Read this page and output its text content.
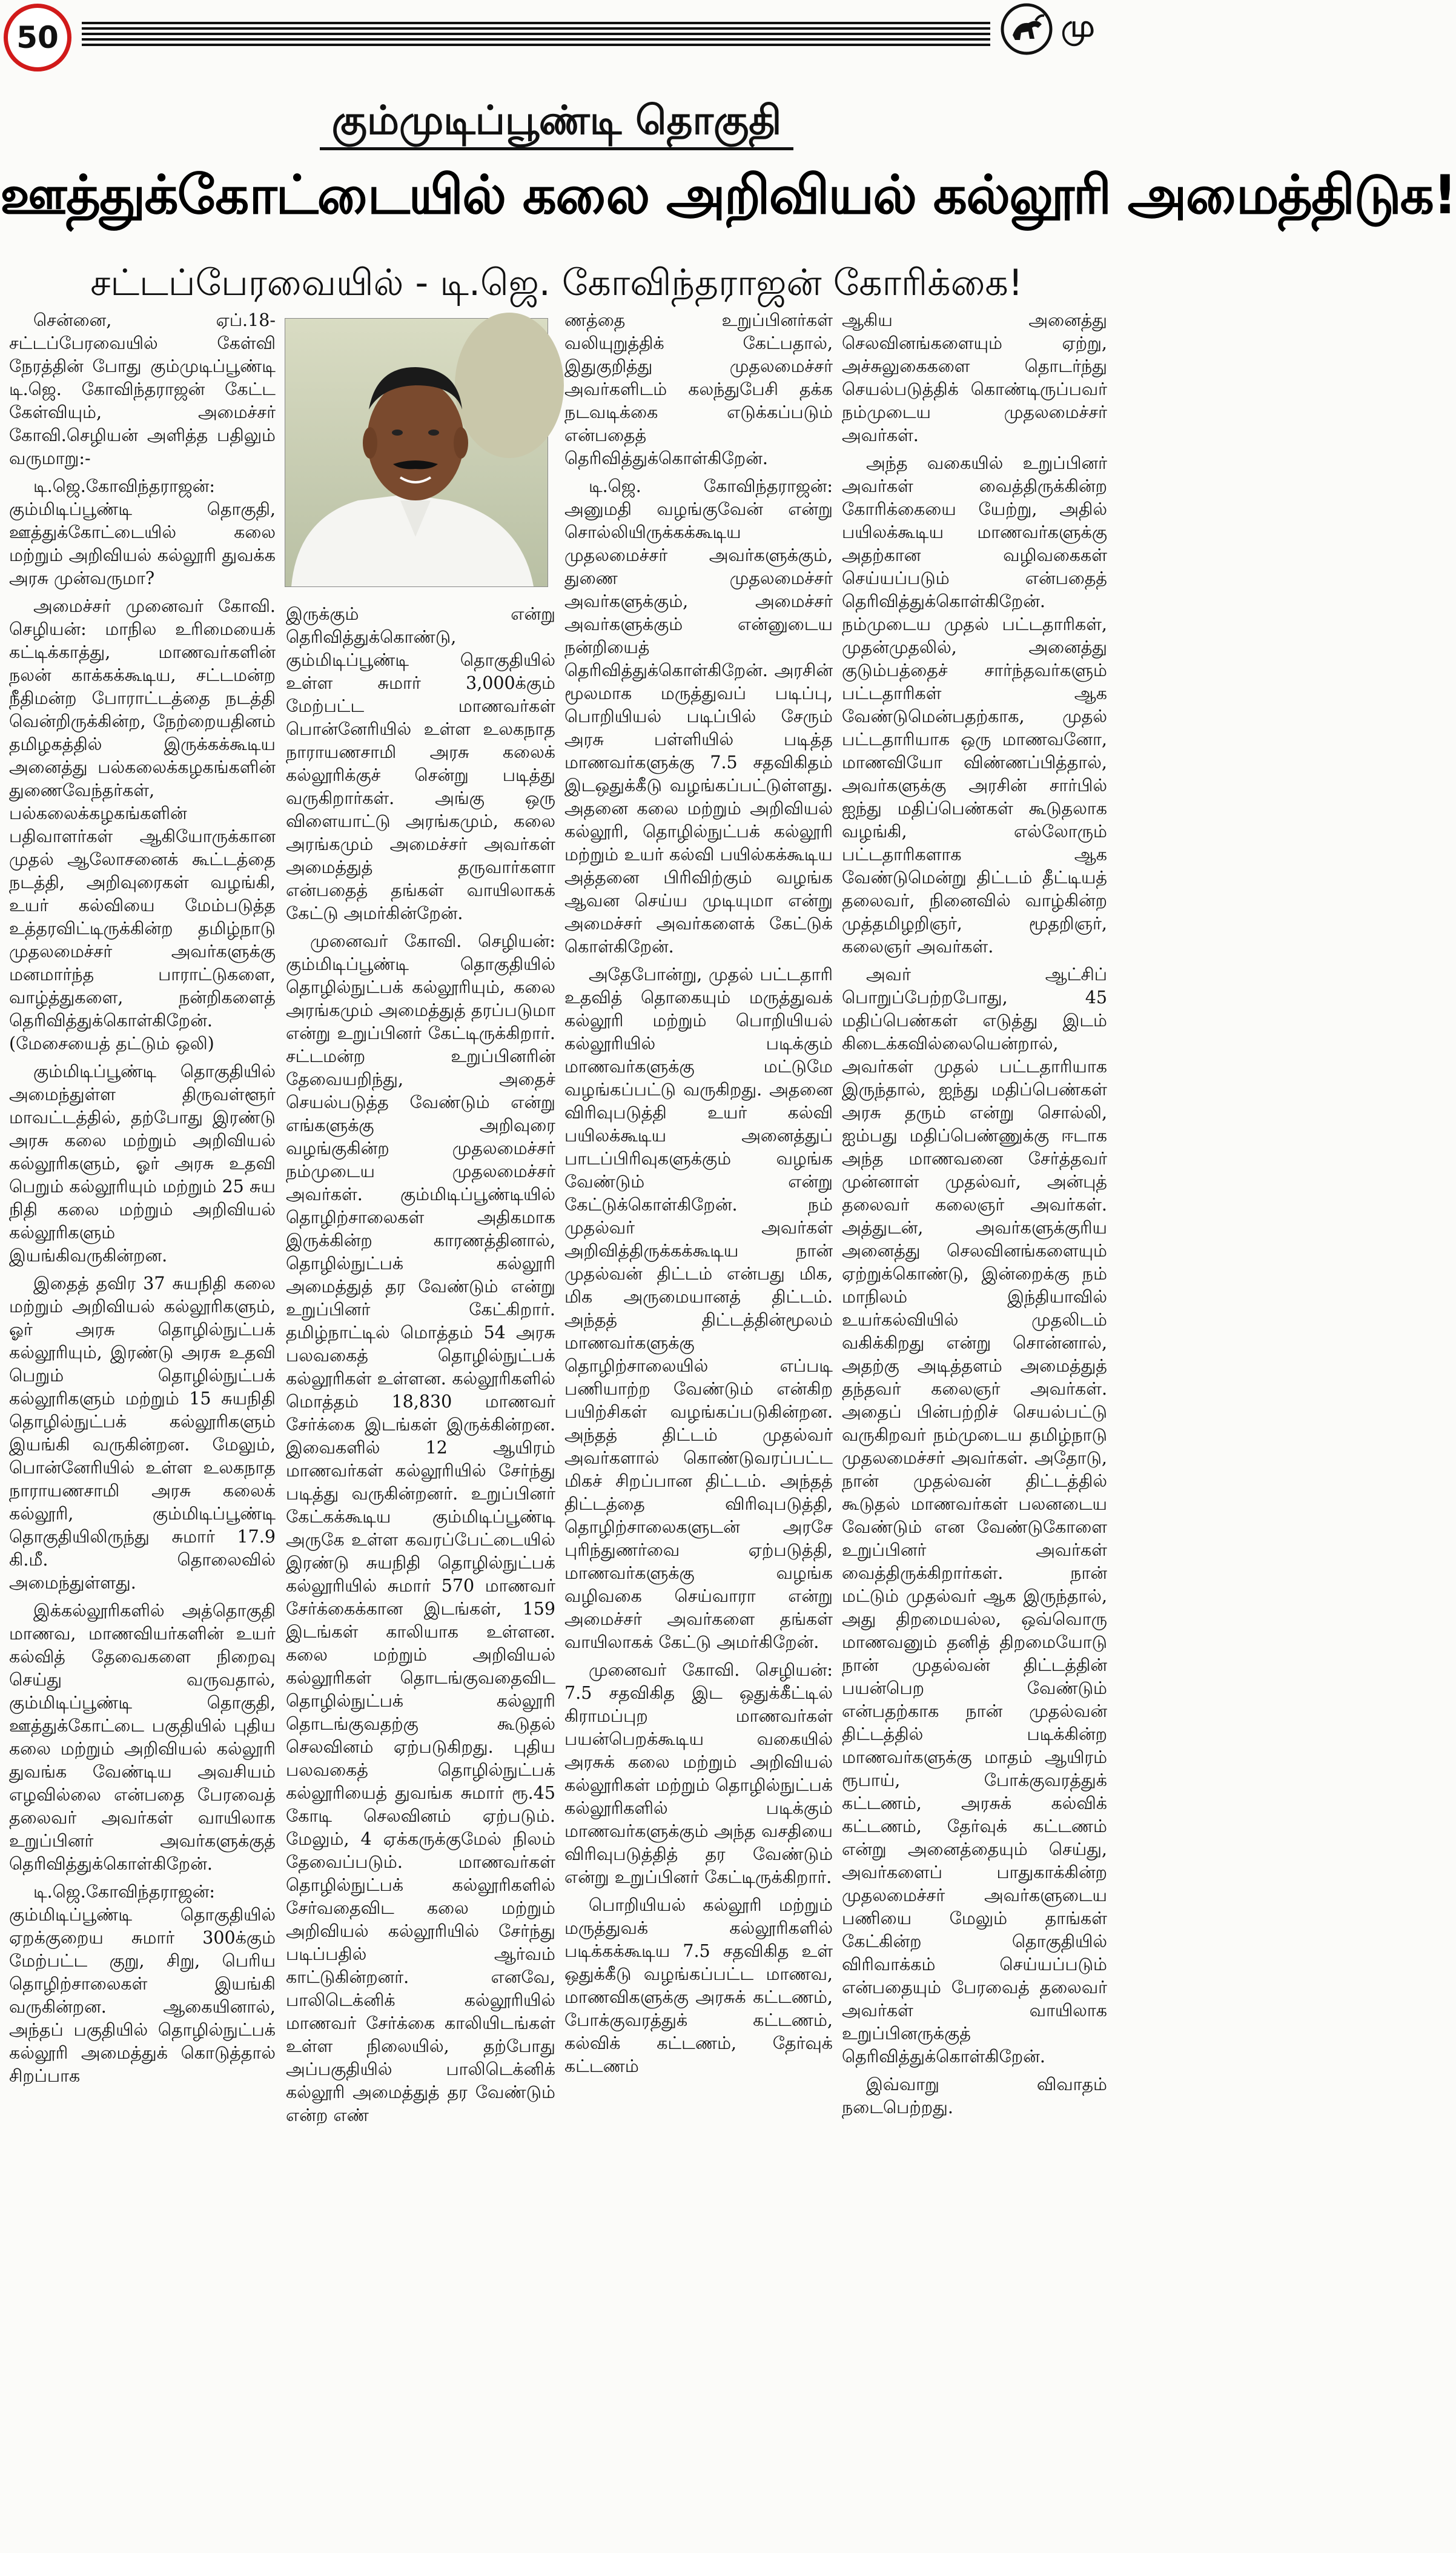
50	மு
கும்முடிப்பூண்டி தொகுதி
ஊத்துக்கோட்டையில் கலை அறிவியல் கல்லூரி அமைத்திடுக!
சட்டப்பேரவையில் - டி.ஜெ. கோவிந்தராஜன் கோரிக்கை!

சென்னை, ஏப்.18- சட்டப்பேரவையில் கேள்வி நேரத்தின் போது கும்முடிப்பூண்டி டி.ஜெ. கோவிந்தராஜன் கேட்ட கேள்வியும், அமைச்சர் கோவி.செழியன் அளித்த பதிலும் வருமாறு:-

டி.ஜெ.கோவிந்தராஜன்: கும்மிடிப்பூண்டி தொகுதி, ஊத்துக்கோட்டையில் கலை மற்றும் அறிவியல் கல்லூரி துவக்க அரசு முன்வருமா?

அமைச்சர் முனைவர் கோவி. செழியன்: மாநில உரிமையைக் கட்டிக்காத்து, மாணவர்களின் நலன் காக்கக்கூடிய, சட்டமன்ற நீதிமன்ற போராட்டத்தை நடத்தி வென்றிருக்கின்ற, நேற்றையதினம் தமிழகத்தில் இருக்கக்கூடிய அனைத்து பல்கலைக்கழகங்களின் துணைவேந்தர்கள், பல்கலைக்கழகங்களின் பதிவாளர்கள் ஆகியோருக்கான முதல் ஆலோசனைக் கூட்டத்தை நடத்தி, அறிவுரைகள் வழங்கி, உயர் கல்வியை மேம்படுத்த உத்தரவிட்டிருக்கின்ற தமிழ்நாடு முதலமைச்சர் அவர்களுக்கு மனமார்ந்த பாராட்டுகளை, வாழ்த்துகளை, நன்றிகளைத் தெரிவித்துக்கொள்கிறேன். (மேசையைத் தட்டும் ஒலி)

கும்மிடிப்பூண்டி தொகுதியில் அமைந்துள்ள திருவள்ளூர் மாவட்டத்தில், தற்போது இரண்டு அரசு கலை மற்றும் அறிவியல் கல்லூரிகளும், ஓர் அரசு உதவி பெறும் கல்லூரியும் மற்றும் 25 சுய நிதி கலை மற்றும் அறிவியல் கல்லூரிகளும் இயங்கிவருகின்றன.

இதைத் தவிர 37 சுயநிதி கலை மற்றும் அறிவியல் கல்லூரிகளும், ஓர் அரசு தொழில்நுட்பக் கல்லூரியும், இரண்டு அரசு உதவி பெறும் தொழில்நுட்பக் கல்லூரிகளும் மற்றும் 15 சுயநிதி தொழில்நுட்பக் கல்லூரிகளும் இயங்கி வருகின்றன. மேலும், பொன்னேரியில் உள்ள உலகநாத நாராயணசாமி அரசு கலைக் கல்லூரி, கும்மிடிப்பூண்டி தொகுதியிலிருந்து சுமார் 17.9 கி.மீ. தொலைவில் அமைந்துள்ளது.

இக்கல்லூரிகளில் அத்தொகுதி மாணவ, மாணவியர்களின் உயர் கல்வித் தேவைகளை நிறைவு செய்து வருவதால், கும்மிடிப்பூண்டி தொகுதி, ஊத்துக்கோட்டை பகுதியில் புதிய கலை மற்றும் அறிவியல் கல்லூரி துவங்க வேண்டிய அவசியம் எழவில்லை என்பதை பேரவைத் தலைவர் அவர்கள் வாயிலாக உறுப்பினர் அவர்களுக்குத் தெரிவித்துக்கொள்கிறேன்.

டி.ஜெ.கோவிந்தராஜன்: கும்மிடிப்பூண்டி தொகுதியில் ஏறக்குறைய சுமார் 300க்கும் மேற்பட்ட குறு, சிறு, பெரிய தொழிற்சாலைகள் இயங்கி வருகின்றன. ஆகையினால், அந்தப் பகுதியில் தொழில்நுட்பக் கல்லூரி அமைத்துக் கொடுத்தால் சிறப்பாக

இருக்கும் என்று தெரிவித்துக்கொண்டு, கும்மிடிப்பூண்டி தொகுதியில் உள்ள சுமார் 3,000க்கும் மேற்பட்ட மாணவர்கள் பொன்னேரியில் உள்ள உலகநாத நாராயணசாமி அரசு கலைக் கல்லூரிக்குச் சென்று படித்து வருகிறார்கள். அங்கு ஒரு விளையாட்டு அரங்கமும், கலை அரங்கமும் அமைச்சர் அவர்கள் அமைத்துத் தருவார்களா என்பதைத் தங்கள் வாயிலாகக் கேட்டு அமர்கின்றேன்.

முனைவர் கோவி. செழியன்: கும்மிடிப்பூண்டி தொகுதியில் தொழில்நுட்பக் கல்லூரியும், கலை அரங்கமும் அமைத்துத் தரப்படுமா என்று உறுப்பினர் கேட்டிருக்கிறார். சட்டமன்ற உறுப்பினரின் தேவையறிந்து, அதைச் செயல்படுத்த வேண்டும் என்று எங்களுக்கு அறிவுரை வழங்குகின்ற முதலமைச்சர் நம்முடைய முதலமைச்சர் அவர்கள். கும்மிடிப்பூண்டியில் தொழிற்சாலைகள் அதிகமாக இருக்கின்ற காரணத்தினால், தொழில்நுட்பக் கல்லூரி அமைத்துத் தர வேண்டும் என்று உறுப்பினர் கேட்கிறார். தமிழ்நாட்டில் மொத்தம் 54 அரசு பலவகைத் தொழில்நுட்பக் கல்லூரிகள் உள்ளன. கல்லூரிகளில் மொத்தம் 18,830 மாணவர் சேர்க்கை இடங்கள் இருக்கின்றன. இவைகளில் 12 ஆயிரம் மாணவர்கள் கல்லூரியில் சேர்ந்து படித்து வருகின்றனர். உறுப்பினர் கேட்கக்கூடிய கும்மிடிப்பூண்டி அருகே உள்ள கவரப்பேட்டையில் இரண்டு சுயநிதி தொழில்நுட்பக் கல்லூரியில் சுமார் 570 மாணவர் சேர்க்கைக்கான இடங்கள், 159 இடங்கள் காலியாக உள்ளன. கலை மற்றும் அறிவியல் கல்லூரிகள் தொடங்குவதைவிட தொழில்நுட்பக் கல்லூரி தொடங்குவதற்கு கூடுதல் செலவினம் ஏற்படுகிறது. புதிய பலவகைத் தொழில்நுட்பக் கல்லூரியைத் துவங்க சுமார் ரூ.45 கோடி செலவினம் ஏற்படும். மேலும், 4 ஏக்கருக்குமேல் நிலம் தேவைப்படும். மாணவர்கள் தொழில்நுட்பக் கல்லூரிகளில் சேர்வதைவிட கலை மற்றும் அறிவியல் கல்லூரியில் சேர்ந்து படிப்பதில் ஆர்வம் காட்டுகின்றனர். எனவே, பாலிடெக்னிக் கல்லூரியில் மாணவர் சேர்க்கை காலியிடங்கள் உள்ள நிலையில், தற்போது அப்பகுதியில் பாலிடெக்னிக் கல்லூரி அமைத்துத் தர வேண்டும் என்ற எண்

ணத்தை உறுப்பினர்கள் வலியுறுத்திக் கேட்பதால், இதுகுறித்து முதலமைச்சர் அவர்களிடம் கலந்துபேசி தக்க நடவடிக்கை எடுக்கப்படும் என்பதைத் தெரிவித்துக்கொள்கிறேன்.

டி.ஜெ. கோவிந்தராஜன்: அனுமதி வழங்குவேன் என்று சொல்லியிருக்கக்கூடிய முதலமைச்சர் அவர்களுக்கும், துணை முதலமைச்சர் அவர்களுக்கும், அமைச்சர் அவர்களுக்கும் என்னுடைய நன்றியைத் தெரிவித்துக்கொள்கிறேன். அரசின் மூலமாக மருத்துவப் படிப்பு, பொறியியல் படிப்பில் சேரும் அரசு பள்ளியில் படித்த மாணவர்களுக்கு 7.5 சதவிகிதம் இடஒதுக்கீடு வழங்கப்பட்டுள்ளது. அதனை கலை மற்றும் அறிவியல் கல்லூரி, தொழில்நுட்பக் கல்லூரி மற்றும் உயர் கல்வி பயில்கக்கூடிய அத்தனை பிரிவிற்கும் வழங்க ஆவன செய்ய முடியுமா என்று அமைச்சர் அவர்களைக் கேட்டுக் கொள்கிறேன்.

அதேபோன்று, முதல் பட்டதாரி உதவித் தொகையும் மருத்துவக் கல்லூரி மற்றும் பொறியியல் கல்லூரியில் படிக்கும் மாணவர்களுக்கு மட்டுமே வழங்கப்பட்டு வருகிறது. அதனை விரிவுபடுத்தி உயர் கல்வி பயிலக்கூடிய அனைத்துப் பாடப்பிரிவுகளுக்கும் வழங்க வேண்டும் என்று கேட்டுக்கொள்கிறேன். நம் முதல்வர் அவர்கள் அறிவித்திருக்கக்கூடிய நான் முதல்வன் திட்டம் என்பது மிக, மிக அருமையானத் திட்டம். அந்தத் திட்டத்தின்மூலம் மாணவர்களுக்கு தொழிற்சாலையில் எப்படி பணியாற்ற வேண்டும் என்கிற பயிற்சிகள் வழங்கப்படுகின்றன. அந்தத் திட்டம் முதல்வர் அவர்களால் கொண்டுவரப்பட்ட மிகச் சிறப்பான திட்டம். அந்தத் திட்டத்தை விரிவுபடுத்தி, தொழிற்சாலைகளுடன் அரசே புரிந்துணர்வை ஏற்படுத்தி, மாணவர்களுக்கு வழங்க வழிவகை செய்வாரா என்று அமைச்சர் அவர்களை தங்கள் வாயிலாகக் கேட்டு அமர்கிறேன்.

முனைவர் கோவி. செழியன்: 7.5 சதவிகித இட ஒதுக்கீட்டில் கிராமப்புற மாணவர்கள் பயன்பெறக்கூடிய வகையில் அரசுக் கலை மற்றும் அறிவியல் கல்லூரிகள் மற்றும் தொழில்நுட்பக் கல்லூரிகளில் படிக்கும் மாணவர்களுக்கும் அந்த வசதியை விரிவுபடுத்தித் தர வேண்டும் என்று உறுப்பினர் கேட்டிருக்கிறார்.

பொறியியல் கல்லூரி மற்றும் மருத்துவக் கல்லூரிகளில் படிக்கக்கூடிய 7.5 சதவிகித உள் ஒதுக்கீடு வழங்கப்பட்ட மாணவ, மாணவிகளுக்கு அரசுக் கட்டணம், போக்குவரத்துக் கட்டணம், கல்விக் கட்டணம், தேர்வுக் கட்டணம்

ஆகிய அனைத்து செலவினங்களையும் ஏற்று, அச்சுலுகைகளை தொடர்ந்து செயல்படுத்திக் கொண்டிருப்பவர் நம்முடைய முதலமைச்சர் அவர்கள்.

அந்த வகையில் உறுப்பினர் அவர்கள் வைத்திருக்கின்ற கோரிக்கையை யேற்று, அதில் பயிலக்கூடிய மாணவர்களுக்கு அதற்கான வழிவகைகள் செய்யப்படும் என்பதைத் தெரிவித்துக்கொள்கிறேன். நம்முடைய முதல் பட்டதாரிகள், முதன்முதலில், அனைத்து குடும்பத்தைச் சார்ந்தவர்களும் பட்டதாரிகள் ஆக வேண்டுமென்பதற்காக, முதல் பட்டதாரியாக ஒரு மாணவனோ, மாணவியோ விண்ணப்பித்தால், அவர்களுக்கு அரசின் சார்பில் ஐந்து மதிப்பெண்கள் கூடுதலாக வழங்கி, எல்லோரும் பட்டதாரிகளாக ஆக வேண்டுமென்று திட்டம் தீட்டியத் தலைவர், நினைவில் வாழ்கின்ற முத்தமிழறிஞர், மூதறிஞர், கலைஞர் அவர்கள்.

அவர் ஆட்சிப் பொறுப்பேற்றபோது, 45 மதிப்பெண்கள் எடுத்து இடம் கிடைக்கவில்லையென்றால், அவர்கள் முதல் பட்டதாரியாக இருந்தால், ஐந்து மதிப்பெண்கள் அரசு தரும் என்று சொல்லி, ஐம்பது மதிப்பெண்ணுக்கு ஈடாக அந்த மாணவனை சேர்த்தவர் முன்னாள் முதல்வர், அன்புத் தலைவர் கலைஞர் அவர்கள். அத்துடன், அவர்களுக்குரிய அனைத்து செலவினங்களையும் ஏற்றுக்கொண்டு, இன்றைக்கு நம் மாநிலம் இந்தியாவில் உயர்கல்வியில் முதலிடம் வகிக்கிறது என்று சொன்னால், அதற்கு அடித்தளம் அமைத்துத் தந்தவர் கலைஞர் அவர்கள். அதைப் பின்பற்றிச் செயல்பட்டு வருகிறவர் நம்முடைய தமிழ்நாடு முதலமைச்சர் அவர்கள். அதோடு, நான் முதல்வன் திட்டத்தில் கூடுதல் மாணவர்கள் பலனடைய வேண்டும் என வேண்டுகோளை உறுப்பினர் அவர்கள் வைத்திருக்கிறார்கள். நான் மட்டும் முதல்வர் ஆக இருந்தால், அது திறமையல்ல, ஒவ்வொரு மாணவனும் தனித் திறமையோடு நான் முதல்வன் திட்டத்தின் பயன்பெற வேண்டும் என்பதற்காக நான் முதல்வன் திட்டத்தில் படிக்கின்ற மாணவர்களுக்கு மாதம் ஆயிரம் ரூபாய், போக்குவரத்துக் கட்டணம், அரசுக் கல்விக் கட்டணம், தேர்வுக் கட்டணம் என்று அனைத்தையும் செய்து, அவர்களைப் பாதுகாக்கின்ற முதலமைச்சர் அவர்களுடைய பணியை மேலும் தாங்கள் கேட்கின்ற தொகுதியில் விரிவாக்கம் செய்யப்படும் என்பதையும் பேரவைத் தலைவர் அவர்கள் வாயிலாக உறுப்பினருக்குத் தெரிவித்துக்கொள்கிறேன்.

இவ்வாறு விவாதம் நடைபெற்றது.
